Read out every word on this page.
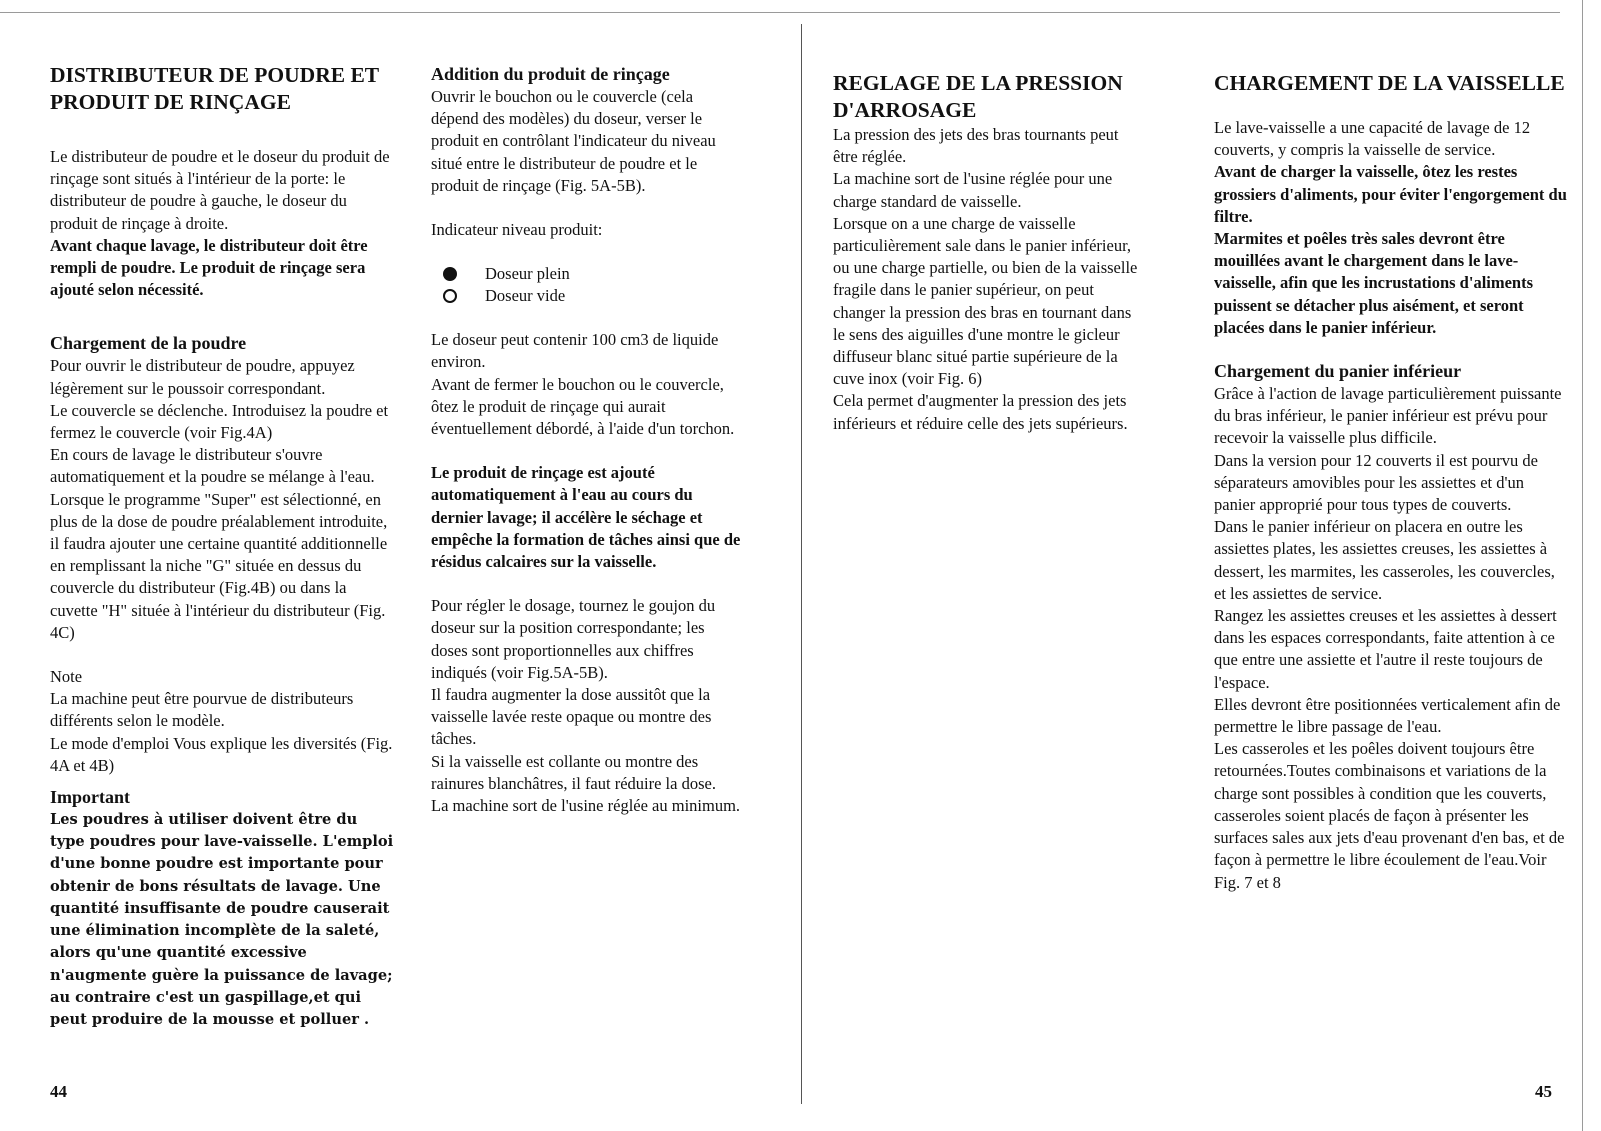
DISTRIBUTEUR DE POUDRE ET PRODUIT DE RINÇAGE

Le distributeur de poudre et le doseur du produit de rinçage sont situés à l'intérieur de la porte: le distributeur de poudre à gauche, le doseur du produit de rinçage à droite.

Avant chaque lavage, le distributeur doit être rempli de poudre. Le produit de rinçage sera ajouté selon nécessité.

Chargement de la poudre

Pour ouvrir le distributeur de poudre, appuyez légèrement sur le poussoir correspondant.

Le couvercle se déclenche. Introduisez la poudre et fermez le couvercle (voir Fig.4A)

En cours de lavage le distributeur s'ouvre automatiquement et la poudre se mélange à l'eau. Lorsque le programme "Super" est sélectionné, en plus de la dose de poudre préalablement introduite, il faudra ajouter une certaine quantité additionnelle en remplissant la niche "G" située en dessus du couvercle du distributeur (Fig.4B) ou dans la cuvette "H" située à l'intérieur du distributeur (Fig. 4C)

Note

La machine peut être pourvue de distributeurs différents selon le modèle.

Le mode d'emploi Vous explique les diversités (Fig. 4A et 4B)

Important

Les poudres à utiliser doivent être du type poudres pour lave-vaisselle. L'emploi d'une bonne poudre est importante pour obtenir de bons résultats de lavage. Une quantité insuffisante de poudre causerait une élimination incomplète de la saleté, alors qu'une quantité excessive n'augmente guère la puissance de lavage; au contraire c'est un gaspillage,et qui peut produire de la mousse et polluer .

Addition du produit de rinçage

Ouvrir le bouchon ou le couvercle (cela dépend des modèles) du doseur, verser le produit en contrôlant l'indicateur du niveau situé entre le distributeur de poudre et le produit de rinçage (Fig. 5A-5B).

Indicateur niveau produit:

Doseur plein
Doseur vide

Le doseur peut contenir 100 cm3 de liquide environ.

Avant de fermer le bouchon ou le couvercle, ôtez le produit de rinçage qui aurait éventuellement débordé, à l'aide d'un torchon.

Le produit de rinçage est ajouté automatiquement à l'eau au cours du dernier lavage; il accélère le séchage et empêche la formation de tâches ainsi que de résidus calcaires sur la vaisselle.

Pour régler le dosage, tournez le goujon du doseur sur la position correspondante; les doses sont proportionnelles aux chiffres indiqués (voir Fig.5A-5B).

Il faudra augmenter la dose aussitôt que la vaisselle lavée reste opaque ou montre des tâches.

Si la vaisselle est collante ou montre des rainures blanchâtres, il faut réduire la dose.

La machine sort de l'usine réglée au minimum.

REGLAGE DE LA PRESSION D'ARROSAGE

La pression des jets des bras tournants peut être réglée.

La machine sort de l'usine réglée pour une charge standard de vaisselle.

Lorsque on a une charge de vaisselle particulièrement sale dans le panier inférieur, ou une charge partielle, ou bien de la vaisselle fragile dans le panier supérieur, on peut changer la pression des bras en tournant dans le sens des aiguilles d'une montre le gicleur diffuseur blanc situé partie supérieure de la cuve inox (voir Fig. 6)

Cela permet d'augmenter la pression des jets inférieurs et réduire celle des jets supérieurs.

CHARGEMENT DE LA VAISSELLE

Le lave-vaisselle a une capacité de lavage de 12 couverts, y compris la vaisselle de service.

Avant de charger la vaisselle, ôtez les restes grossiers d'aliments, pour éviter l'engorgement du filtre.

Marmites et poêles très sales devront être mouillées avant le chargement dans le lave-vaisselle, afin que les incrustations d'aliments puissent se détacher plus aisément, et seront placées dans le panier inférieur.

Chargement du panier inférieur

Grâce à l'action de lavage particulièrement puissante du bras inférieur, le panier inférieur est prévu pour recevoir la vaisselle plus difficile.

Dans la version pour 12 couverts il est pourvu de séparateurs amovibles pour les assiettes et d'un panier approprié pour tous types de couverts.

Dans le panier inférieur on placera en outre les assiettes plates, les assiettes creuses, les assiettes à dessert, les marmites, les casseroles, les couvercles, et les assiettes de service.

Rangez les assiettes creuses et les assiettes à dessert dans les espaces correspondants, faite attention à ce que entre une assiette et l'autre il reste toujours de l'espace.

Elles devront être positionnées verticalement afin de permettre le libre passage de l'eau.

Les casseroles et les poêles doivent toujours être retournées.Toutes combinaisons et variations de la charge sont possibles à condition que les couverts, casseroles soient placés de façon à présenter les surfaces sales aux jets d'eau provenant d'en bas, et de façon à permettre le libre écoulement de l'eau.Voir Fig. 7 et 8

44	45
